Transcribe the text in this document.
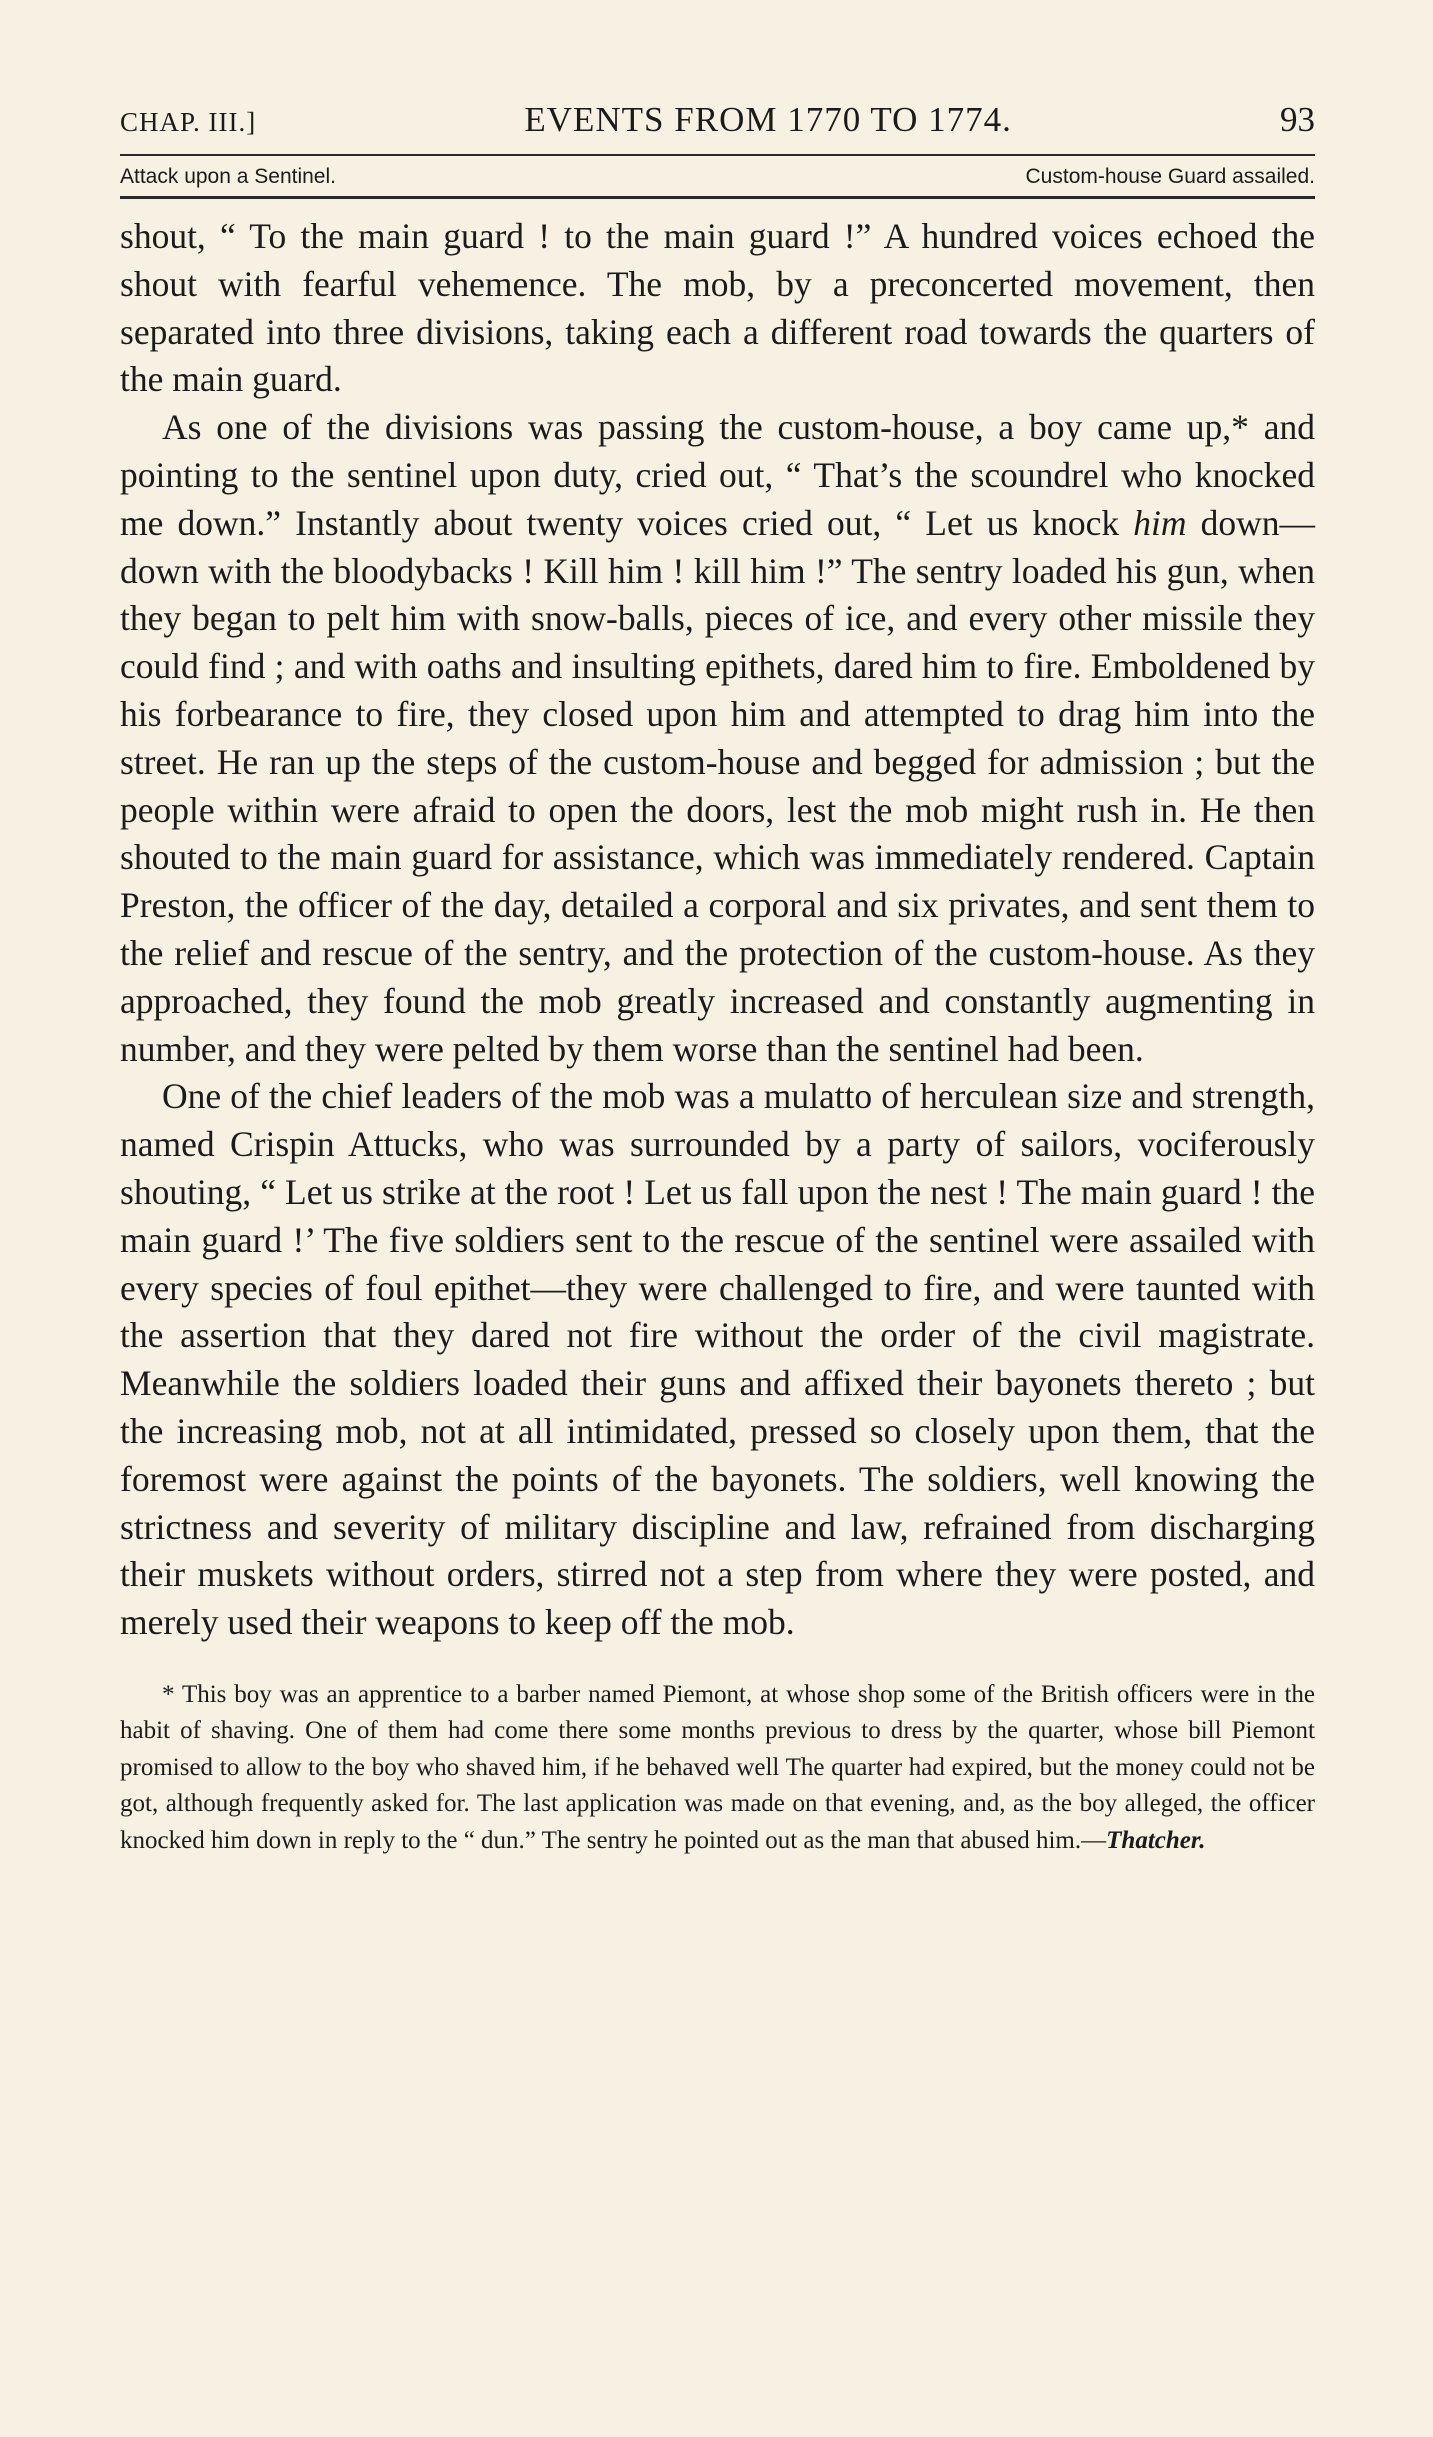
CHAP. III.]	EVENTS FROM 1770 TO 1774.	93
Attack upon a Sentinel.	Custom-house Guard assailed.

shout, “ To the main guard ! to the main guard !” A hundred voices echoed the shout with fearful vehemence. The mob, by a preconcerted movement, then separated into three divisions, taking each a different road towards the quarters of the main guard.

As one of the divisions was passing the custom-house, a boy came up,* and pointing to the sentinel upon duty, cried out, “ That’s the scoundrel who knocked me down.” Instantly about twenty voices cried out, “ Let us knock him down—down with the bloodybacks ! Kill him ! kill him !” The sentry loaded his gun, when they began to pelt him with snow-balls, pieces of ice, and every other missile they could find ; and with oaths and insulting epithets, dared him to fire. Emboldened by his forbearance to fire, they closed upon him and attempted to drag him into the street. He ran up the steps of the custom-house and begged for admission ; but the people within were afraid to open the doors, lest the mob might rush in. He then shouted to the main guard for assistance, which was immediately rendered. Captain Preston, the officer of the day, detailed a corporal and six privates, and sent them to the relief and rescue of the sentry, and the protection of the custom-house. As they approached, they found the mob greatly increased and constantly augmenting in number, and they were pelted by them worse than the sentinel had been.

One of the chief leaders of the mob was a mulatto of herculean size and strength, named Crispin Attucks, who was surrounded by a party of sailors, vociferously shouting, “ Let us strike at the root ! Let us fall upon the nest ! The main guard ! the main guard !’ The five soldiers sent to the rescue of the sentinel were assailed with every species of foul epithet—they were challenged to fire, and were taunted with the assertion that they dared not fire without the order of the civil magistrate. Meanwhile the soldiers loaded their guns and affixed their bayonets thereto ; but the increasing mob, not at all intimidated, pressed so closely upon them, that the foremost were against the points of the bayonets. The soldiers, well knowing the strictness and severity of military discipline and law, refrained from discharging their muskets without orders, stirred not a step from where they were posted, and merely used their weapons to keep off the mob.

* This boy was an apprentice to a barber named Piemont, at whose shop some of the British officers were in the habit of shaving. One of them had come there some months previous to dress by the quarter, whose bill Piemont promised to allow to the boy who shaved him, if he behaved well The quarter had expired, but the money could not be got, although frequently asked for. The last application was made on that evening, and, as the boy alleged, the officer knocked him down in reply to the “ dun.” The sentry he pointed out as the man that abused him.—Thatcher.
